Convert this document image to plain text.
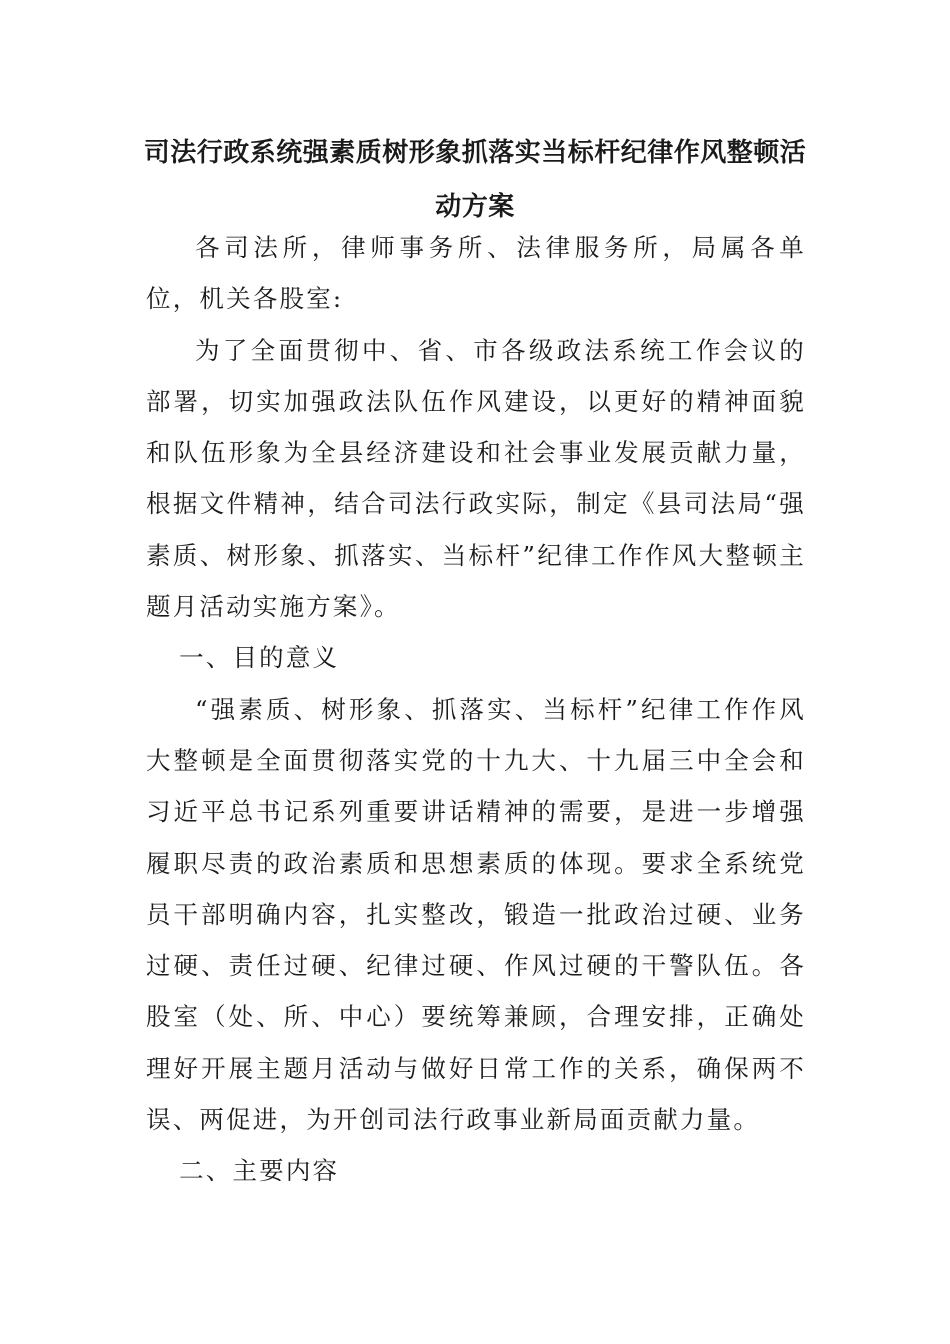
司法行政系统强素质树形象抓落实当标杆纪律作风整顿活
动方案

各司法所，律师事务所、法律服务所，局属各单位，机关各股室:

为了全面贯彻中、省、市各级政法系统工作会议的部署，切实加强政法队伍作风建设，以更好的精神面貌和队伍形象为全县经济建设和社会事业发展贡献力量，根据文件精神，结合司法行政实际，制定《县司法局“强素质、树形象、抓落实、当标杆”纪律工作作风大整顿主题月活动实施方案》。

一、目的意义

“强素质、树形象、抓落实、当标杆”纪律工作作风大整顿是全面贯彻落实党的十九大、十九届三中全会和习近平总书记系列重要讲话精神的需要，是进一步增强履职尽责的政治素质和思想素质的体现。要求全系统党员干部明确内容，扎实整改，锻造一批政治过硬、业务过硬、责任过硬、纪律过硬、作风过硬的干警队伍。各股室（处、所、中心）要统筹兼顾，合理安排，正确处理好开展主题月活动与做好日常工作的关系，确保两不误、两促进，为开创司法行政事业新局面贡献力量。

二、主要内容
